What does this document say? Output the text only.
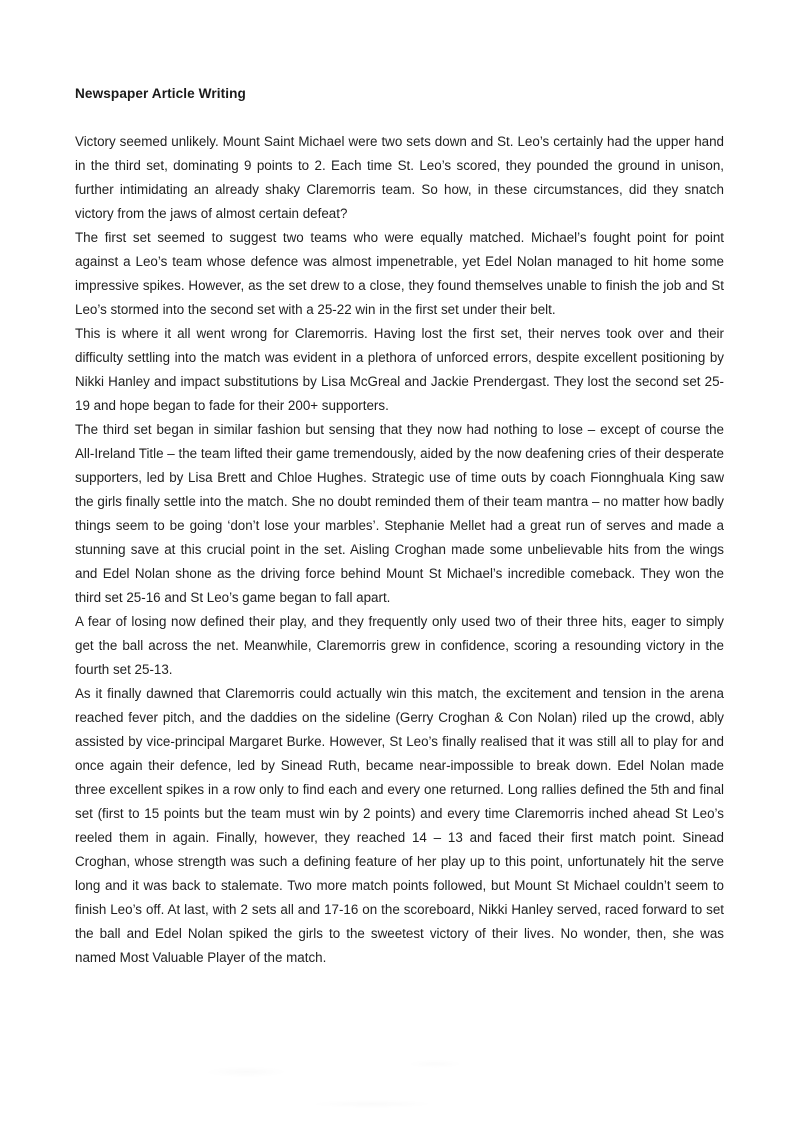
Newspaper Article Writing

Victory seemed unlikely. Mount Saint Michael were two sets down and St. Leo’s certainly had the upper hand in the third set, dominating 9 points to 2. Each time St. Leo’s scored, they pounded the ground in unison, further intimidating an already shaky Claremorris team. So how, in these circumstances, did they snatch victory from the jaws of almost certain defeat?

The first set seemed to suggest two teams who were equally matched. Michael’s fought point for point against a Leo’s team whose defence was almost impenetrable, yet Edel Nolan managed to hit home some impressive spikes. However, as the set drew to a close, they found themselves unable to finish the job and St Leo’s stormed into the second set with a 25-22 win in the first set under their belt.

This is where it all went wrong for Claremorris. Having lost the first set, their nerves took over and their difficulty settling into the match was evident in a plethora of unforced errors, despite excellent positioning by Nikki Hanley and impact substitutions by Lisa McGreal and Jackie Prendergast. They lost the second set 25-19 and hope began to fade for their 200+ supporters.

The third set began in similar fashion but sensing that they now had nothing to lose – except of course the All-Ireland Title – the team lifted their game tremendously, aided by the now deafening cries of their desperate supporters, led by Lisa Brett and Chloe Hughes. Strategic use of time outs by coach Fionnghuala King saw the girls finally settle into the match. She no doubt reminded them of their team mantra – no matter how badly things seem to be going ‘don’t lose your marbles’. Stephanie Mellet had a great run of serves and made a stunning save at this crucial point in the set. Aisling Croghan made some unbelievable hits from the wings and Edel Nolan shone as the driving force behind Mount St Michael’s incredible comeback. They won the third set 25-16 and St Leo’s game began to fall apart.

A fear of losing now defined their play, and they frequently only used two of their three hits, eager to simply get the ball across the net. Meanwhile, Claremorris grew in confidence, scoring a resounding victory in the fourth set 25-13.

As it finally dawned that Claremorris could actually win this match, the excitement and tension in the arena reached fever pitch, and the daddies on the sideline (Gerry Croghan & Con Nolan) riled up the crowd, ably assisted by vice-principal Margaret Burke. However, St Leo’s finally realised that it was still all to play for and once again their defence, led by Sinead Ruth, became near-impossible to break down. Edel Nolan made three excellent spikes in a row only to find each and every one returned. Long rallies defined the 5th and final set (first to 15 points but the team must win by 2 points) and every time Claremorris inched ahead St Leo’s reeled them in again. Finally, however, they reached 14 – 13 and faced their first match point. Sinead Croghan, whose strength was such a defining feature of her play up to this point, unfortunately hit the serve long and it was back to stalemate. Two more match points followed, but Mount St Michael couldn’t seem to finish Leo’s off. At last, with 2 sets all and 17-16 on the scoreboard, Nikki Hanley served, raced forward to set the ball and Edel Nolan spiked the girls to the sweetest victory of their lives. No wonder, then, she was named Most Valuable Player of the match.
